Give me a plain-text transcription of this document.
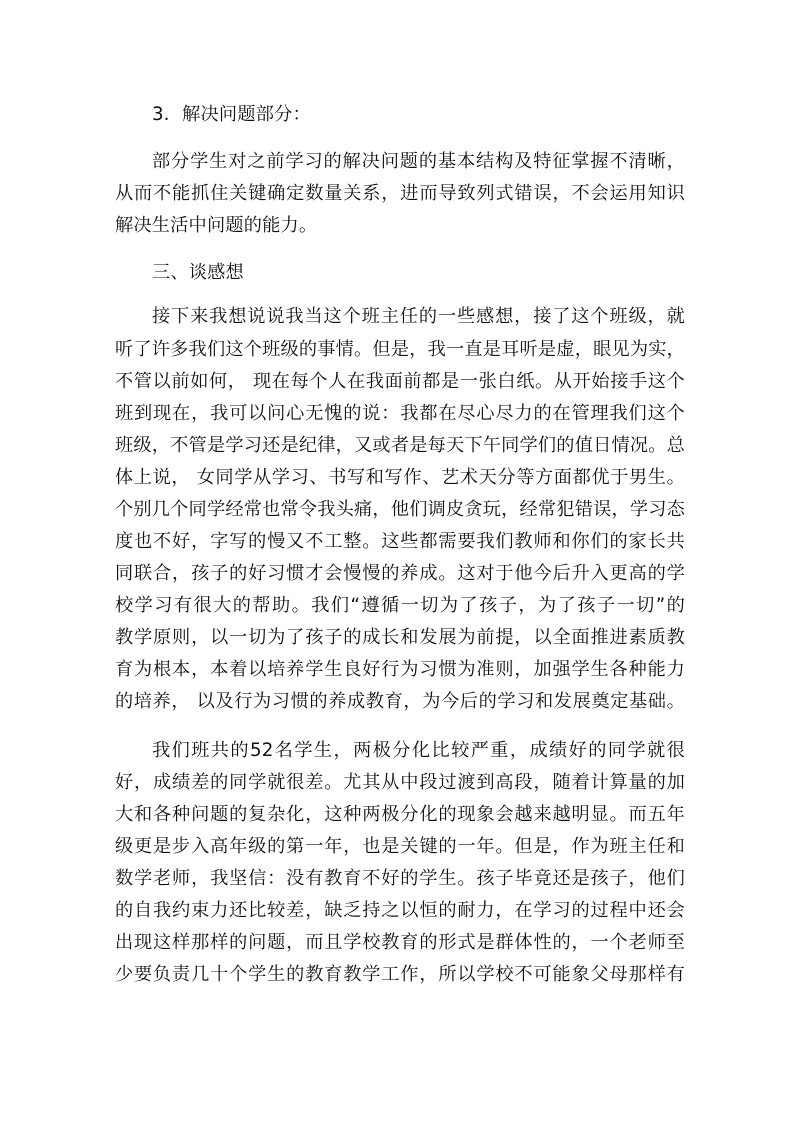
3．解决问题部分：
部分学生对之前学习的解决问题的基本结构及特征掌握不清晰，
从而不能抓住关键确定数量关系，进而导致列式错误，不会运用知识
解决生活中问题的能力。
三、谈感想
接下来我想说说我当这个班主任的一些感想，接了这个班级，就
听了许多我们这个班级的事情。但是，我一直是耳听是虚，眼见为实，
不管以前如何， 现在每个人在我面前都是一张白纸。从开始接手这个
班到现在，我可以问心无愧的说：我都在尽心尽力的在管理我们这个
班级，不管是学习还是纪律，又或者是每天下午同学们的值日情况。总
体上说， 女同学从学习、书写和写作、艺术天分等方面都优于男生。
个别几个同学经常也常令我头痛，他们调皮贪玩，经常犯错误，学习态
度也不好，字写的慢又不工整。这些都需要我们教师和你们的家长共
同联合，孩子的好习惯才会慢慢的养成。这对于他今后升入更高的学
校学习有很大的帮助。我们“遵循一切为了孩子，为了孩子一切”的
教学原则，以一切为了孩子的成长和发展为前提，以全面推进素质教
育为根本，本着以培养学生良好行为习惯为准则，加强学生各种能力
的培养， 以及行为习惯的养成教育，为今后的学习和发展奠定基础。
我们班共的52名学生，两极分化比较严重，成绩好的同学就很
好，成绩差的同学就很差。尤其从中段过渡到高段，随着计算量的加
大和各种问题的复杂化，这种两极分化的现象会越来越明显。而五年
级更是步入高年级的第一年，也是关键的一年。但是，作为班主任和
数学老师，我坚信：没有教育不好的学生。孩子毕竟还是孩子，他们
的自我约束力还比较差，缺乏持之以恒的耐力，在学习的过程中还会
出现这样那样的问题，而且学校教育的形式是群体性的，一个老师至
少要负责几十个学生的教育教学工作，所以学校不可能象父母那样有
